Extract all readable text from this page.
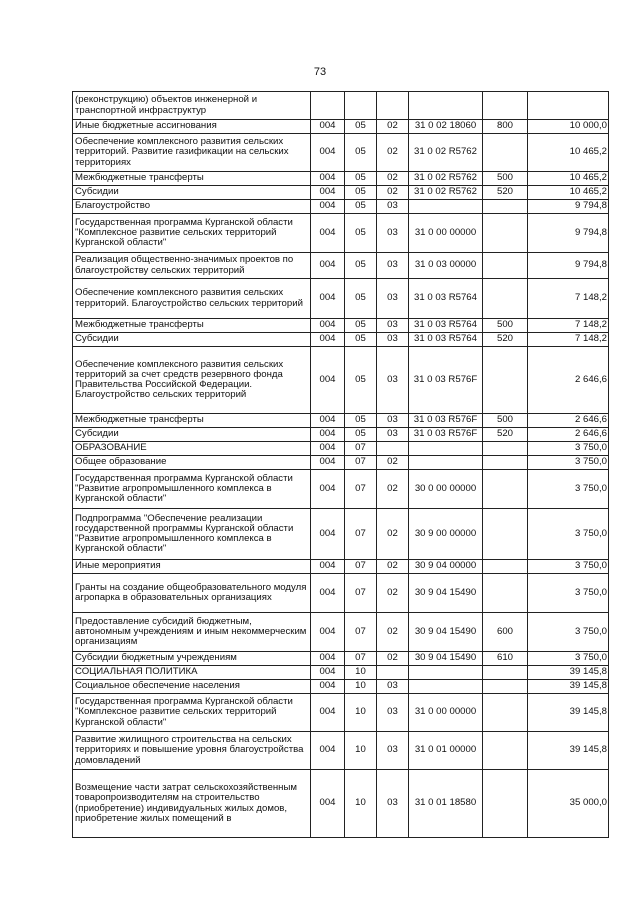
73
(реконструкцию) объектов инженерной и транспортной инфраструктур						
Иные бюджетные ассигнования	004	05	02	31 0 02 18060	800	10 000,0
Обеспечение комплексного развития сельских территорий. Развитие газификации на сельских территориях	004	05	02	31 0 02 R5762		10 465,2
Межбюджетные трансферты	004	05	02	31 0 02 R5762	500	10 465,2
Субсидии	004	05	02	31 0 02 R5762	520	10 465,2
Благоустройство	004	05	03			9 794,8
Государственная программа Курганской области "Комплексное развитие сельских территорий Курганской области"	004	05	03	31 0 00 00000		9 794,8
Реализация общественно-значимых проектов по благоустройству сельских территорий	004	05	03	31 0 03 00000		9 794,8
Обеспечение комплексного развития сельских территорий. Благоустройство сельских территорий	004	05	03	31 0 03 R5764		7 148,2
Межбюджетные трансферты	004	05	03	31 0 03 R5764	500	7 148,2
Субсидии	004	05	03	31 0 03 R5764	520	7 148,2
Обеспечение комплексного развития сельских территорий за счет средств резервного фонда Правительства Российской Федерации. Благоустройство сельских территорий	004	05	03	31 0 03 R576F		2 646,6
Межбюджетные трансферты	004	05	03	31 0 03 R576F	500	2 646,6
Субсидии	004	05	03	31 0 03 R576F	520	2 646,6
ОБРАЗОВАНИЕ	004	07				3 750,0
Общее образование	004	07	02			3 750,0
Государственная программа Курганской области "Развитие агропромышленного комплекса в Курганской области"	004	07	02	30 0 00 00000		3 750,0
Подпрограмма "Обеспечение реализации государственной программы Курганской области "Развитие агропромышленного комплекса в Курганской области"	004	07	02	30 9 00 00000		3 750,0
Иные мероприятия	004	07	02	30 9 04 00000		3 750,0
Гранты на создание общеобразовательного модуля агропарка в образовательных организациях	004	07	02	30 9 04 15490		3 750,0
Предоставление субсидий бюджетным, автономным учреждениям и иным некоммерческим организациям	004	07	02	30 9 04 15490	600	3 750,0
Субсидии бюджетным учреждениям	004	07	02	30 9 04 15490	610	3 750,0
СОЦИАЛЬНАЯ ПОЛИТИКА	004	10				39 145,8
Социальное обеспечение населения	004	10	03			39 145,8
Государственная программа Курганской области "Комплексное развитие сельских территорий Курганской области"	004	10	03	31 0 00 00000		39 145,8
Развитие жилищного строительства на сельских территориях и повышение уровня благоустройства домовладений	004	10	03	31 0 01 00000		39 145,8
Возмещение части затрат сельскохозяйственным товаропроизводителям на строительство (приобретение) индивидуальных жилых домов, приобретение жилых помещений в	004	10	03	31 0 01 18580		35 000,0
